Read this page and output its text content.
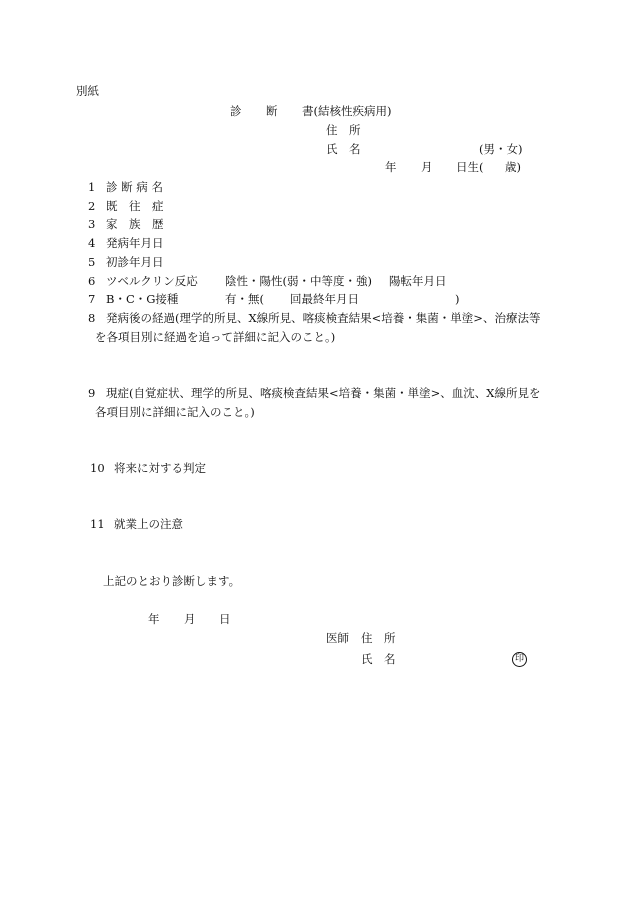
別紙
診 断 書(結核性疾病用)
住　所
氏　名	(男・女)
年 月 日生( 歳)
1 診 断 病 名
2 既　往　症
3 家　族　歴
4 発病年月日
5 初診年月日
6 ツベルクリン反応 陰性・陽性(弱・中等度・強) 陽転年月日
7 B・C・G接種	有・無( 回最終年月日	)
8 発病後の経過(理学的所見、X線所見、喀痰検査結果<培養・集菌・単塗>、治療法等
を各項目別に経過を追って詳細に記入のこと。)
9 現症(自覚症状、理学的所見、喀痰検査結果<培養・集菌・単塗>、血沈、X線所見を
各項目別に詳細に記入のこと。)
10 将来に対する判定
11 就業上の注意
上記のとおり診断します。
年 月 日
医師 住　所
氏　名	印
